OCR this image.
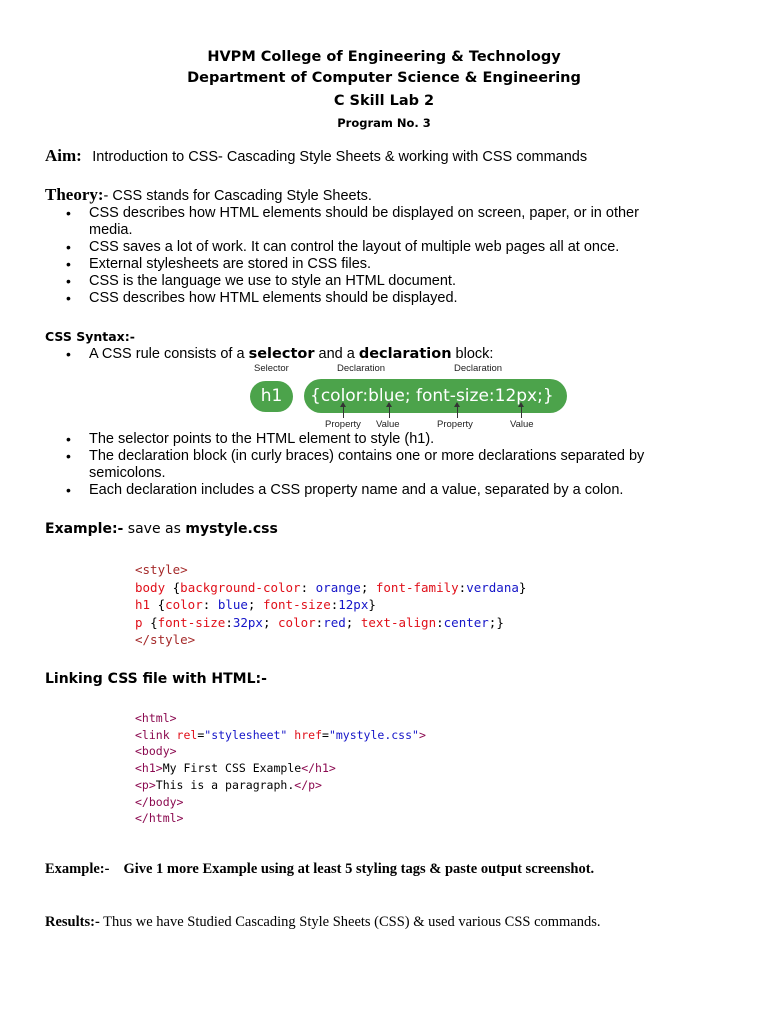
HVPM College of Engineering & Technology
Department of Computer Science & Engineering
C Skill Lab 2
Program No. 3
Aim: Introduction to CSS- Cascading Style Sheets & working with CSS commands
Theory:- CSS stands for Cascading Style Sheets.
• CSS describes how HTML elements should be displayed on screen, paper, or in other
media.
• CSS saves a lot of work. It can control the layout of multiple web pages all at once.
• External stylesheets are stored in CSS files.
• CSS is the language we use to style an HTML document.
• CSS describes how HTML elements should be displayed.
CSS Syntax:-
• A CSS rule consists of a selector and a declaration block:
Selector	Declaration	Declaration
h1	{color:blue; font-size:12px;}
Property Value	Property	Value
• The selector points to the HTML element to style (h1).
• The declaration block (in curly braces) contains one or more declarations separated by
semicolons.
• Each declaration includes a CSS property name and a value, separated by a colon.
Example:- save as mystyle.css
<style>
body {background-color: orange; font-family:verdana}
h1 {color: blue; font-size:12px}
p {font-size:32px; color:red; text-align:center;}
</style>
Linking CSS file with HTML:-
<html>
<link rel="stylesheet" href="mystyle.css">
<body>
<h1>My First CSS Example</h1>
<p>This is a paragraph.</p>
</body>
</html>
Example:- Give 1 more Example using at least 5 styling tags & paste output screenshot.
Results:- Thus we have Studied Cascading Style Sheets (CSS) & used various CSS commands.
